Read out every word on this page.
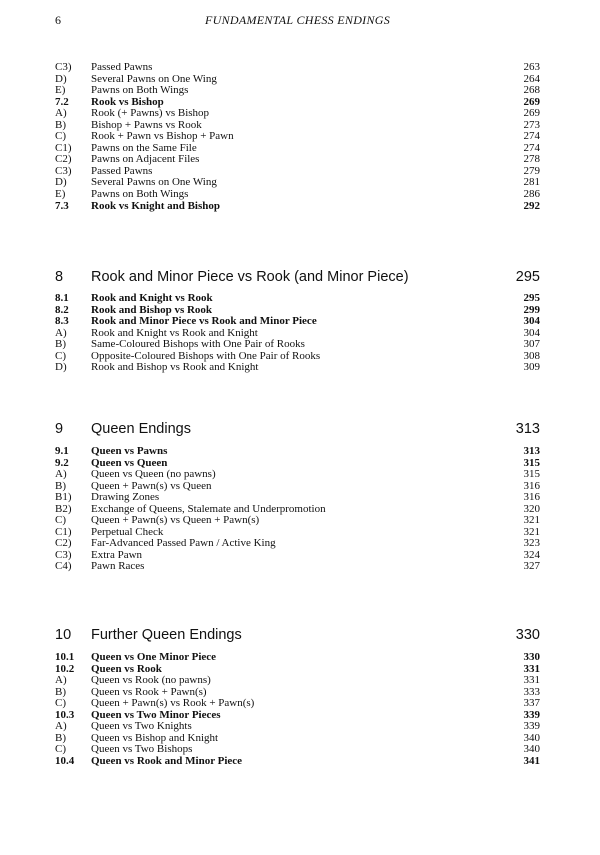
6	FUNDAMENTAL CHESS ENDINGS
C3) Passed Pawns	263
D) Several Pawns on One Wing	264
E) Pawns on Both Wings	268
7.2 Rook vs Bishop	269
A) Rook (+ Pawns) vs Bishop	269
B) Bishop + Pawns vs Rook	273
C) Rook + Pawn vs Bishop + Pawn	274
C1) Pawns on the Same File	274
C2) Pawns on Adjacent Files	278
C3) Passed Pawns	279
D) Several Pawns on One Wing	281
E) Pawns on Both Wings	286
7.3 Rook vs Knight and Bishop	292
8 Rook and Minor Piece vs Rook (and Minor Piece)	295
8.1 Rook and Knight vs Rook	295
8.2 Rook and Bishop vs Rook	299
8.3 Rook and Minor Piece vs Rook and Minor Piece	304
A) Rook and Knight vs Rook and Knight	304
B) Same-Coloured Bishops with One Pair of Rooks	307
C) Opposite-Coloured Bishops with One Pair of Rooks	308
D) Rook and Bishop vs Rook and Knight	309
9 Queen Endings	313
9.1 Queen vs Pawns	313
9.2 Queen vs Queen	315
A) Queen vs Queen (no pawns)	315
B) Queen + Pawn(s) vs Queen	316
B1) Drawing Zones	316
B2) Exchange of Queens, Stalemate and Underpromotion	320
C) Queen + Pawn(s) vs Queen + Pawn(s)	321
C1) Perpetual Check	321
C2) Far-Advanced Passed Pawn / Active King	323
C3) Extra Pawn	324
C4) Pawn Races	327
10 Further Queen Endings	330
10.1 Queen vs One Minor Piece	330
10.2 Queen vs Rook	331
A) Queen vs Rook (no pawns)	331
B) Queen vs Rook + Pawn(s)	333
C) Queen + Pawn(s) vs Rook + Pawn(s)	337
10.3 Queen vs Two Minor Pieces	339
A) Queen vs Two Knights	339
B) Queen vs Bishop and Knight	340
C) Queen vs Two Bishops	340
10.4 Queen vs Rook and Minor Piece	341
